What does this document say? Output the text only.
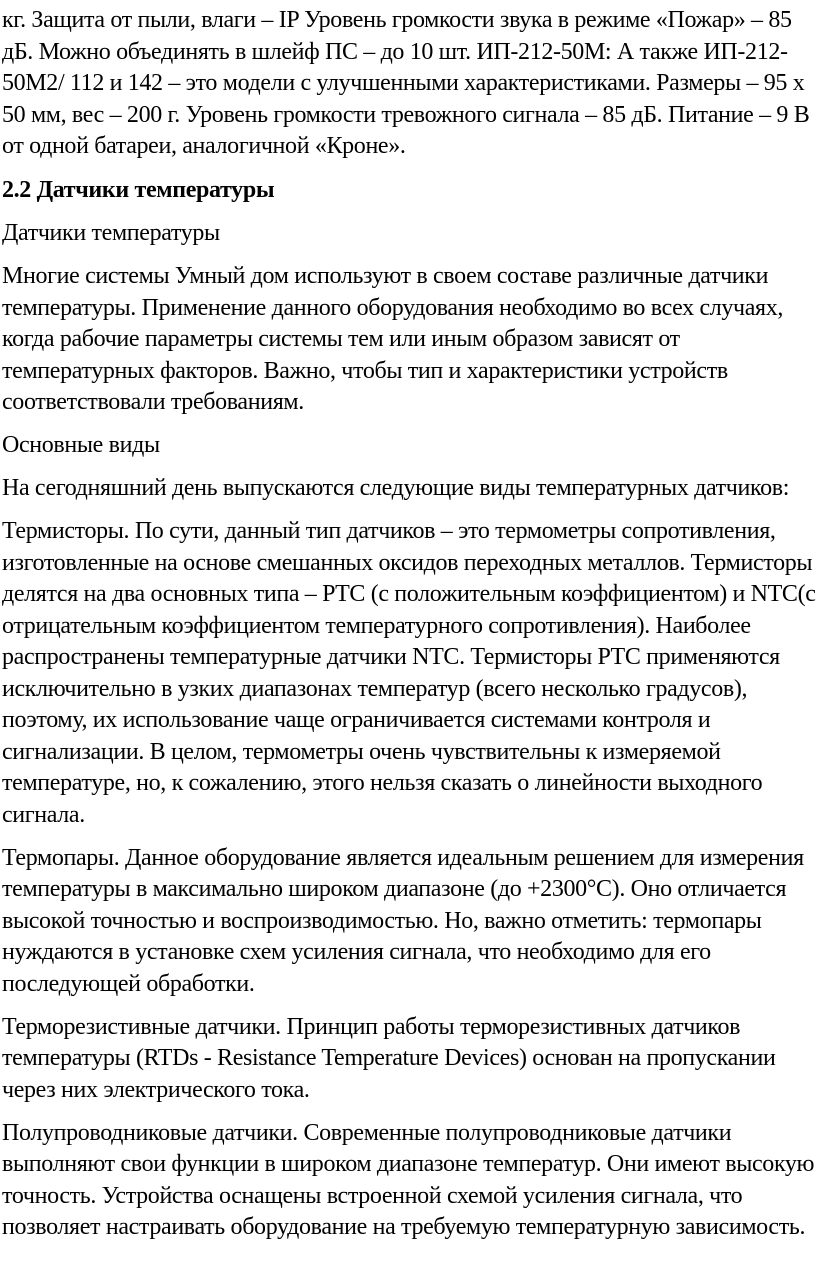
кг. Защита от пыли, влаги – IP Уровень громкости звука в режиме «Пожар» – 85 дБ. Можно объединять в шлейф ПС – до 10 шт. ИП-212-50М: А также ИП-212-50М2/ 112 и 142 – это модели с улучшенными характеристиками. Размеры – 95 х 50 мм, вес – 200 г. Уровень громкости тревожного сигнала – 85 дБ. Питание – 9 В от одной батареи, аналогичной «Кроне».

2.2 Датчики температуры

Датчики температуры

Многие системы Умный дом используют в своем составе различные датчики температуры. Применение данного оборудования необходимо во всех случаях, когда рабочие параметры системы тем или иным образом зависят от температурных факторов. Важно, чтобы тип и характеристики устройств соответствовали требованиям.

Основные виды

На сегодняшний день выпускаются следующие виды температурных датчиков:

Термисторы. По сути, данный тип датчиков – это термометры сопротивления, изготовленные на основе смешанных оксидов переходных металлов. Термисторы делятся на два основных типа – PTC (с положительным коэффициентом) и NTC(с отрицательным коэффициентом температурного сопротивления). Наиболее распространены температурные датчики NTC. Термисторы PTC применяются исключительно в узких диапазонах температур (всего несколько градусов), поэтому, их использование чаще ограничивается системами контроля и сигнализации. В целом, термометры очень чувствительны к измеряемой температуре, но, к сожалению, этого нельзя сказать о линейности выходного сигнала.

Термопары. Данное оборудование является идеальным решением для измерения температуры в максимально широком диапазоне (до +2300°С). Оно отличается высокой точностью и воспроизводимостью. Но, важно отметить: термопары нуждаются в установке схем усиления сигнала, что необходимо для его последующей обработки.

Терморезистивные датчики. Принцип работы терморезистивных датчиков температуры (RTDs - Resistance Temperature Devices) основан на пропускании через них электрического тока.

Полупроводниковые датчики. Современные полупроводниковые датчики выполняют свои функции в широком диапазоне температур. Они имеют высокую точность. Устройства оснащены встроенной схемой усиления сигнала, что позволяет настраивать оборудование на требуемую температурную зависимость.
